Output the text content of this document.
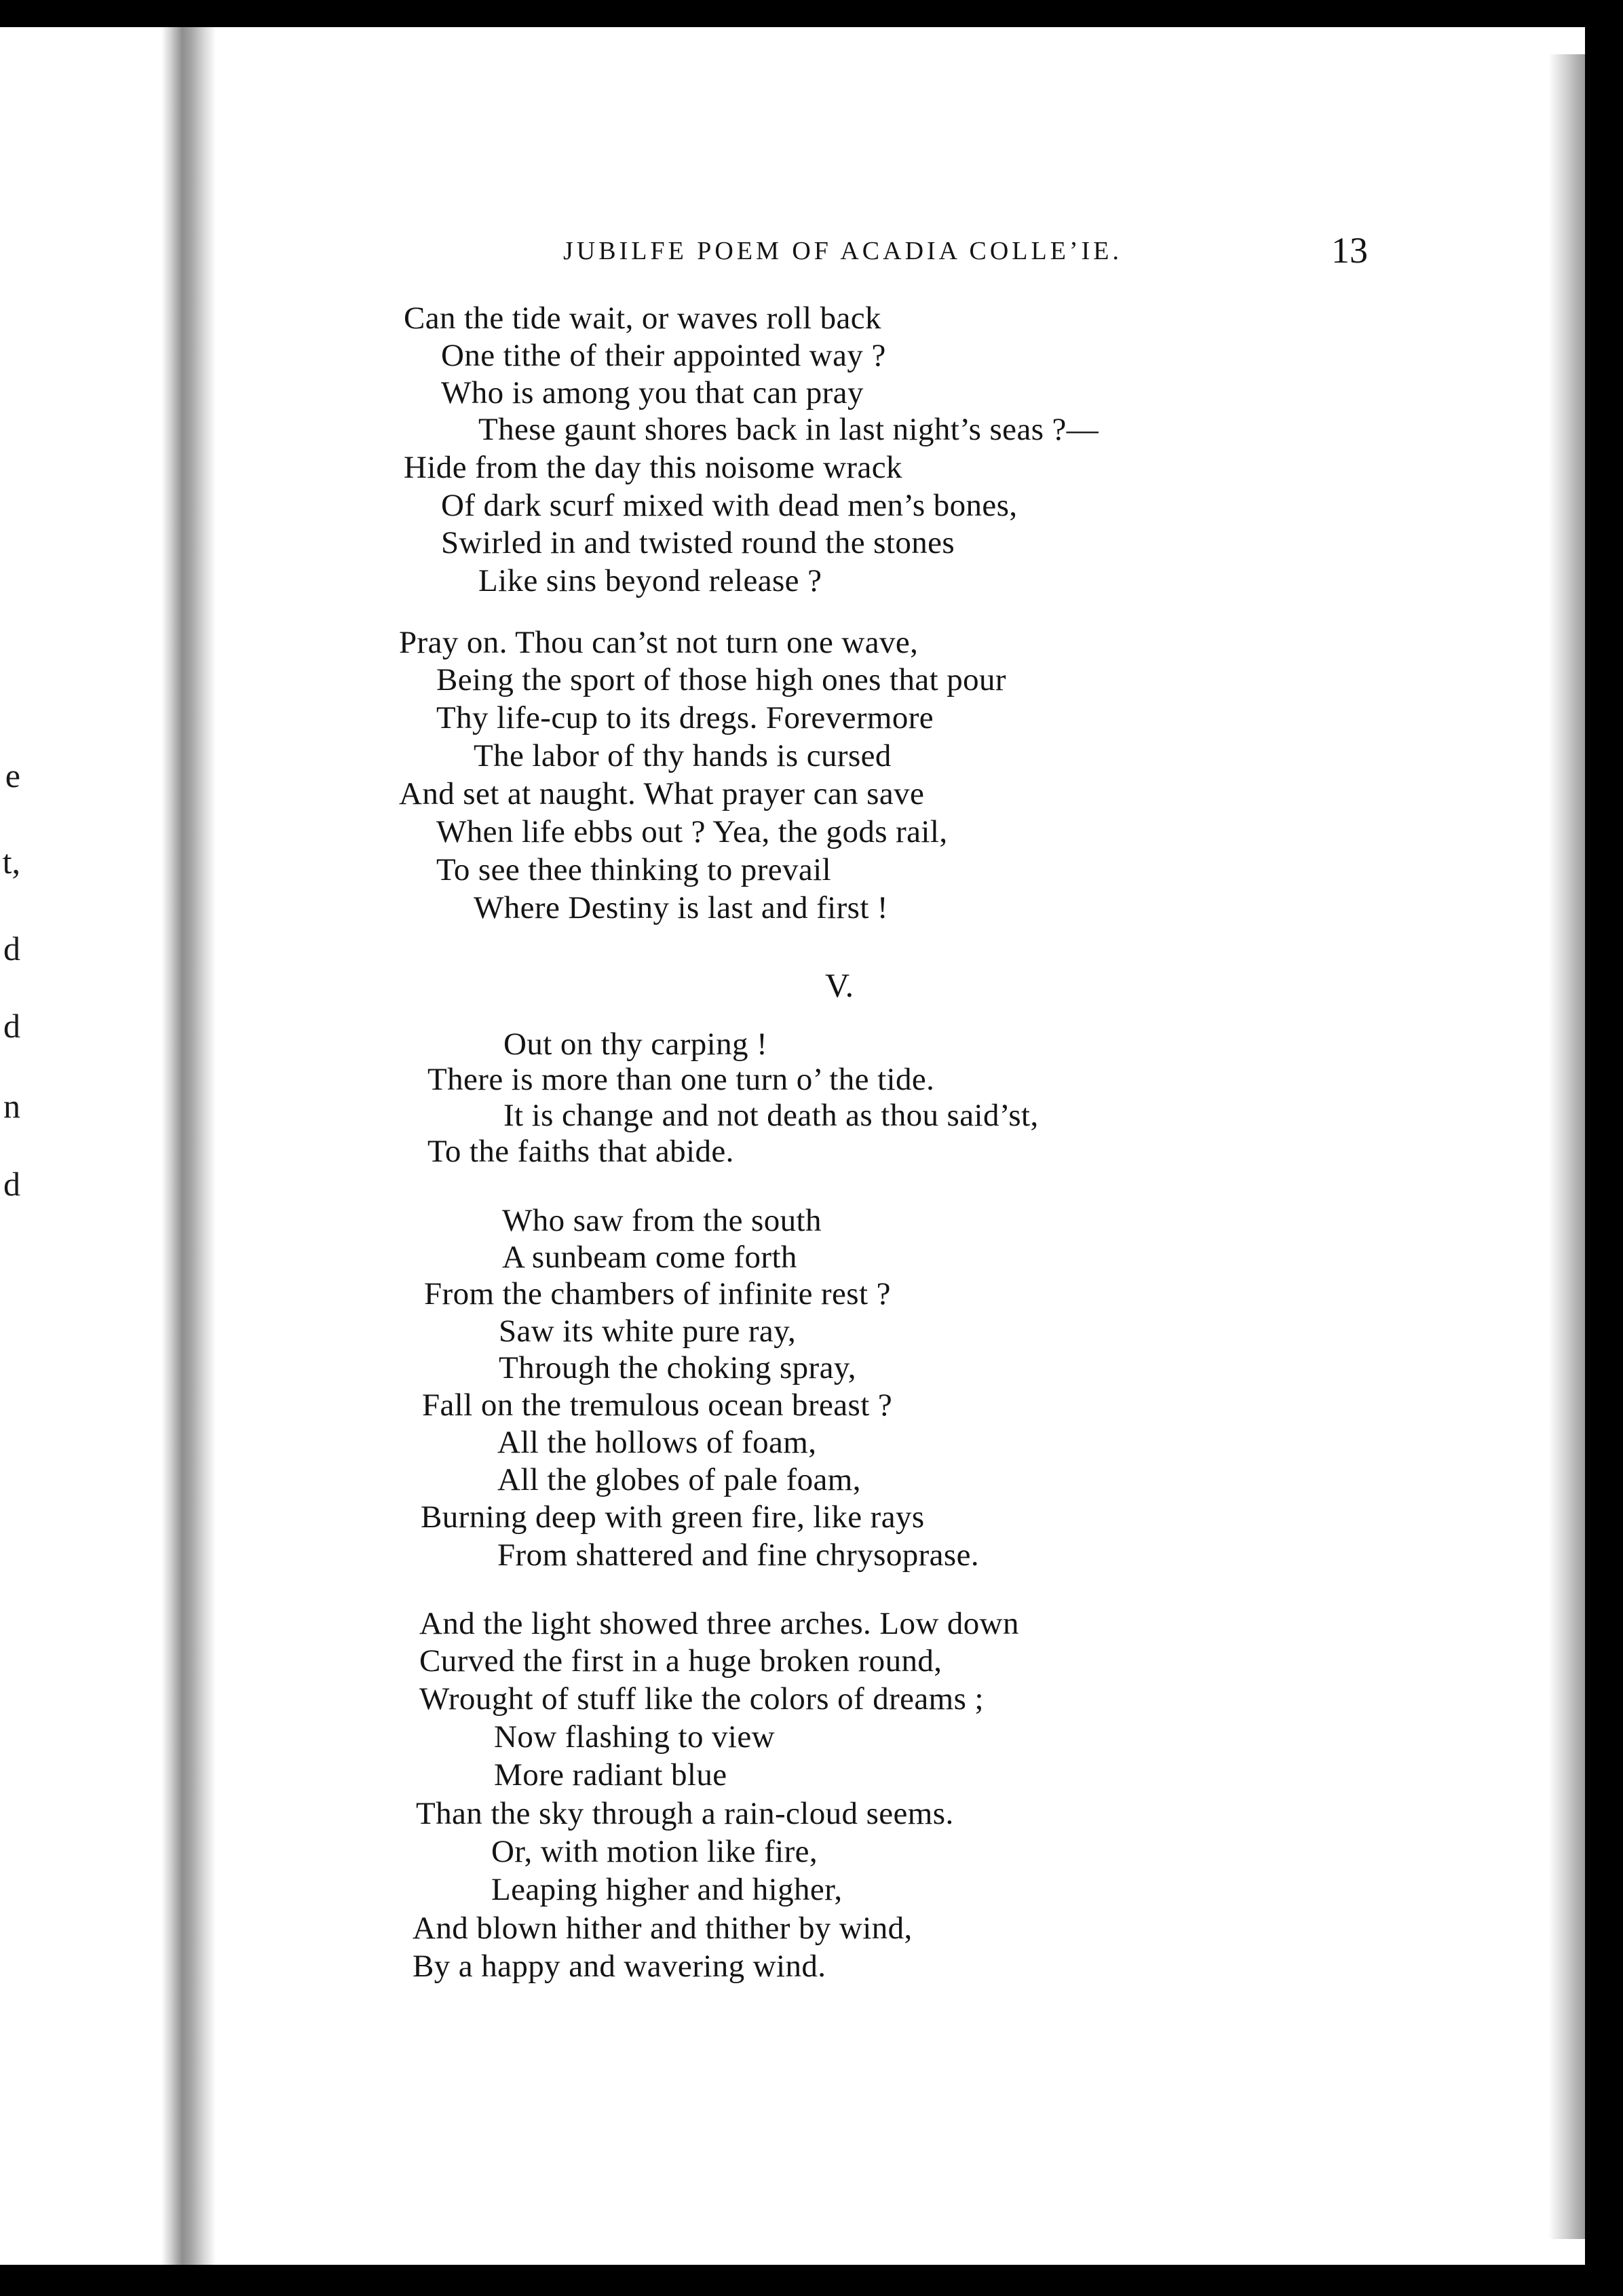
e
t,
d
d
n
d
JUBILFE POEM OF ACADIA COLLE’IE.	13
Can the tide wait, or waves roll back
One tithe of their appointed way ?
Who is among you that can pray
These gaunt shores back in last night’s seas ?—
Hide from the day this noisome wrack
Of dark scurf mixed with dead men’s bones,
Swirled in and twisted round the stones
Like sins beyond release ?
Pray on. Thou can’st not turn one wave,
Being the sport of those high ones that pour
Thy life-cup to its dregs. Forevermore
The labor of thy hands is cursed
And set at naught. What prayer can save
When life ebbs out ? Yea, the gods rail,
To see thee thinking to prevail
Where Destiny is last and first !
V.
Out on thy carping !
There is more than one turn o’ the tide.
It is change and not death as thou said’st,
To the faiths that abide.
Who saw from the south
A sunbeam come forth
From the chambers of infinite rest ?
Saw its white pure ray,
Through the choking spray,
Fall on the tremulous ocean breast ?
All the hollows of foam,
All the globes of pale foam,
Burning deep with green fire, like rays
From shattered and fine chrysoprase.
And the light showed three arches. Low down
Curved the first in a huge broken round,
Wrought of stuff like the colors of dreams ;
Now flashing to view
More radiant blue
Than the sky through a rain-cloud seems.
Or, with motion like fire,
Leaping higher and higher,
And blown hither and thither by wind,
By a happy and wavering wind.
